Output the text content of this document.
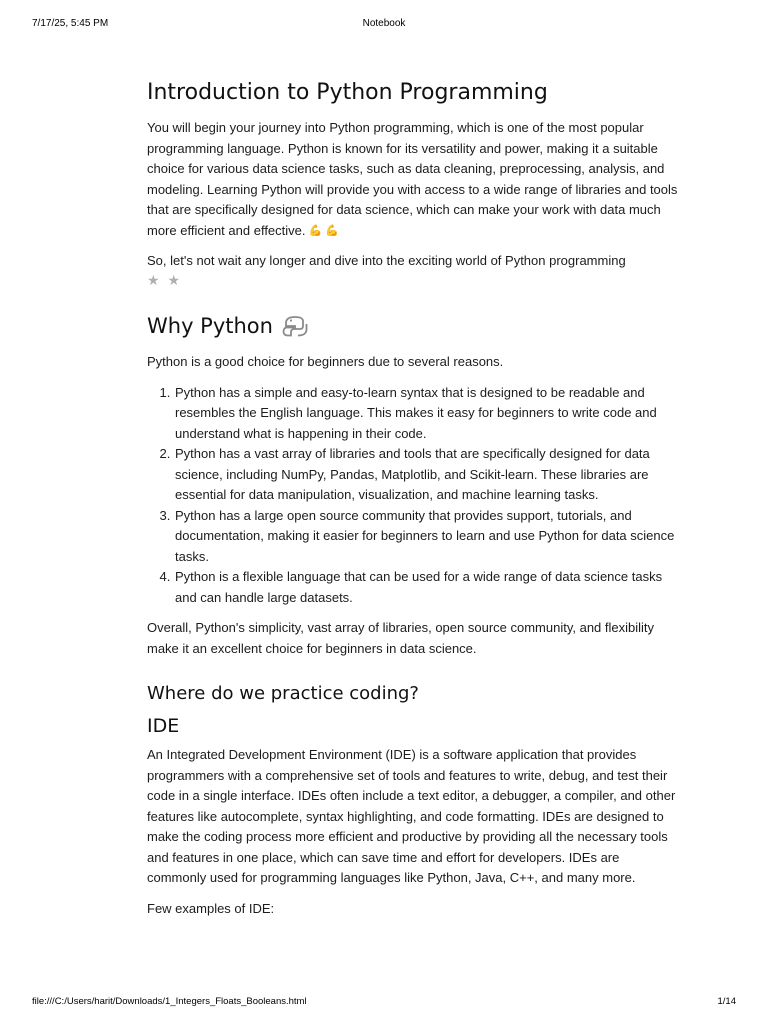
7/17/25, 5:45 PM	Notebook
Introduction to Python Programming

You will begin your journey into Python programming, which is one of the most popular programming language. Python is known for its versatility and power, making it a suitable choice for various data science tasks, such as data cleaning, preprocessing, analysis, and modeling. Learning Python will provide you with access to a wide range of libraries and tools that are specifically designed for data science, which can make your work with data much more efficient and effective. 💪 💪

So, let's not wait any longer and dive into the exciting world of Python programming
★ ★

Why Python

Python is a good choice for beginners due to several reasons.

1. Python has a simple and easy-to-learn syntax that is designed to be readable and resembles the English language. This makes it easy for beginners to write code and understand what is happening in their code.
2. Python has a vast array of libraries and tools that are specifically designed for data science, including NumPy, Pandas, Matplotlib, and Scikit-learn. These libraries are essential for data manipulation, visualization, and machine learning tasks.
3. Python has a large open source community that provides support, tutorials, and documentation, making it easier for beginners to learn and use Python for data science tasks.
4. Python is a flexible language that can be used for a wide range of data science tasks and can handle large datasets.

Overall, Python's simplicity, vast array of libraries, open source community, and flexibility make it an excellent choice for beginners in data science.

Where do we practice coding?
IDE

An Integrated Development Environment (IDE) is a software application that provides programmers with a comprehensive set of tools and features to write, debug, and test their code in a single interface. IDEs often include a text editor, a debugger, a compiler, and other features like autocomplete, syntax highlighting, and code formatting. IDEs are designed to make the coding process more efficient and productive by providing all the necessary tools and features in one place, which can save time and effort for developers. IDEs are commonly used for programming languages like Python, Java, C++, and many more.

Few examples of IDE:

file:///C:/Users/harit/Downloads/1_Integers_Floats_Booleans.html	1/14
